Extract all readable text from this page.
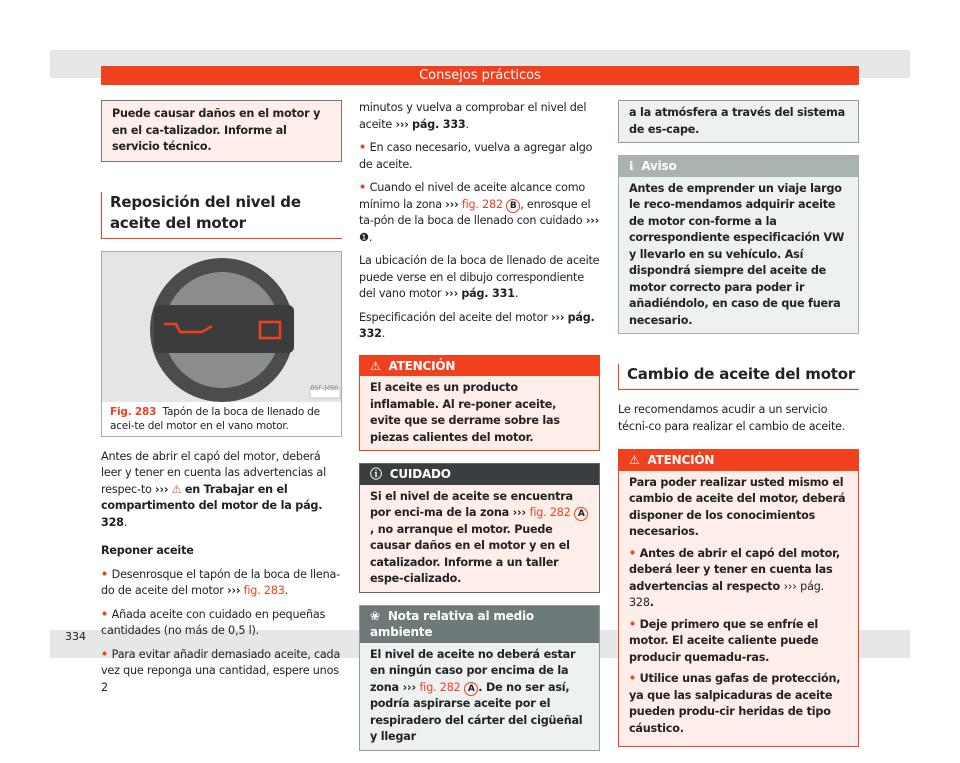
Consejos prácticos
Puede causar daños en el motor y en el ca-talizador. Informe al servicio técnico.
Reposición del nivel de aceite del motor
B5F-1050
Fig. 283 Tapón de la boca de llenado de acei-te del motor en el vano motor.

Antes de abrir el capó del motor, deberá leer y tener en cuenta las advertencias al respec-to ››› ⚠ en Trabajar en el compartimento del motor de la pág. 328.

Reponer aceite

• Desenrosque el tapón de la boca de llena-do de aceite del motor ››› fig. 283.

• Añada aceite con cuidado en pequeñas cantidades (no más de 0,5 l).

• Para evitar añadir demasiado aceite, cada vez que reponga una cantidad, espere unos 2

minutos y vuelva a comprobar el nivel del aceite ››› pág. 333.

• En caso necesario, vuelva a agregar algo de aceite.

• Cuando el nivel de aceite alcance como mínimo la zona ››› fig. 282 B , enrosque el ta-pón de la boca de llenado con cuidado ››› ❶.

La ubicación de la boca de llenado de aceite puede verse en el dibujo correspondiente del vano motor ››› pág. 331.

Especificación del aceite del motor ››› pág. 332.

⚠ ATENCIÓN
El aceite es un producto inflamable. Al re-poner aceite, evite que se derrame sobre las piezas calientes del motor.
ⓘ CUIDADO
Si el nivel de aceite se encuentra por enci-ma de la zona ››› fig. 282 A, no arranque el motor. Puede causar daños en el motor y en el catalizador. Informe a un taller espe-cializado.
❀ Nota relativa al medio ambiente
El nivel de aceite no deberá estar en ningún caso por encima de la zona ››› fig. 282 A . De no ser así, podría aspirarse aceite por el respiradero del cárter del cigüeñal y llegar
a la atmósfera a través del sistema de es-cape.
ℹ Aviso
Antes de emprender un viaje largo le reco-mendamos adquirir aceite de motor con-forme a la correspondiente especificación VW y llevarlo en su vehículo. Así dispondrá siempre del aceite de motor correcto para poder ir añadiéndolo, en caso de que fuera necesario.
Cambio de aceite del motor

Le recomendamos acudir a un servicio técni-co para realizar el cambio de aceite.

⚠ ATENCIÓN

Para poder realizar usted mismo el cambio de aceite del motor, deberá disponer de los conocimientos necesarios.

• Antes de abrir el capó del motor, deberá leer y tener en cuenta las advertencias al respecto ››› pág. 328.

• Deje primero que se enfríe el motor. El aceite caliente puede producir quemadu-ras.

• Utilice unas gafas de protección, ya que las salpicaduras de aceite pueden produ-cir heridas de tipo cáustico.

334
